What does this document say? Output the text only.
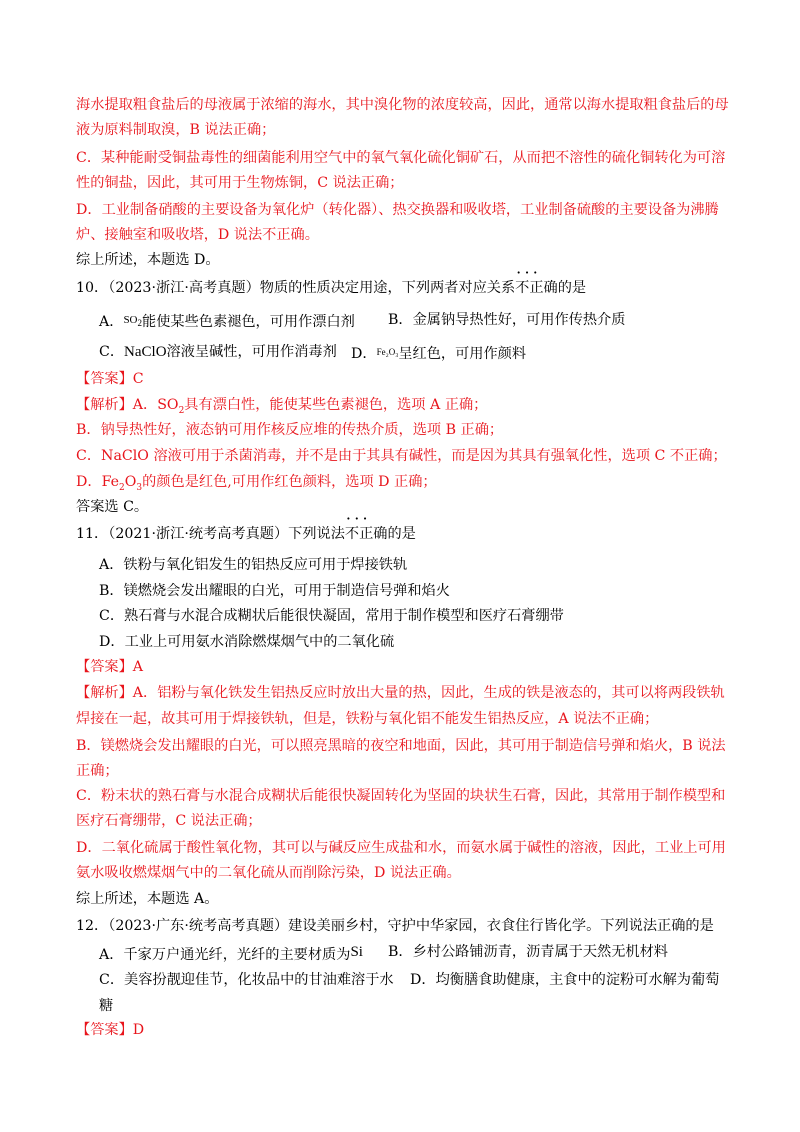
海水提取粗食盐后的母液属于浓缩的海水，其中溴化物的浓度较高，因此，通常以海水提取粗食盐后的母
液为原料制取溴，B 说法正确；
C．某种能耐受铜盐毒性的细菌能利用空气中的氧气氧化硫化铜矿石，从而把不溶性的硫化铜转化为可溶
性的铜盐，因此，其可用于生物炼铜，C 说法正确；
D．工业制备硝酸的主要设备为氧化炉（转化器）、热交换器和吸收塔，工业制备硫酸的主要设备为沸腾
炉、接触室和吸收塔，D 说法不正确。
综上所述，本题选 D。
10．（2023·浙江·高考真题）物质的性质决定用途，下列两者对应关系· · · 不正确的是
A．$^{SO_2}$能使某些色素褪色，可用作漂白剂 B．金属钠导热性好，可用作传热介质
C．NaClO溶液呈碱性，可用作消毒剂 D．$^{Fe_2O_3}$呈红色，可用作颜料
【答案】C
【解析】A．$SO_2$具有漂白性，能使某些色素褪色，选项 A 正确；
B．钠导热性好，液态钠可用作核反应堆的传热介质，选项 B 正确；
C．NaClO 溶液可用于杀菌消毒，并不是由于其具有碱性，而是因为其具有强氧化性，选项 C 不正确；
D．$Fe_2O_3$的颜色是红色,可用作红色颜料，选项 D 正确；
答案选 C。
11．（2021·浙江·统考高考真题）下列说法· · · 不正确的是
A．铁粉与氧化铝发生的铝热反应可用于焊接铁轨
B．镁燃烧会发出耀眼的白光，可用于制造信号弹和焰火
C．熟石膏与水混合成糊状后能很快凝固，常用于制作模型和医疗石膏绷带
D．工业上可用氨水消除燃煤烟气中的二氧化硫
【答案】A
【解析】A．铝粉与氧化铁发生铝热反应时放出大量的热，因此，生成的铁是液态的，其可以将两段铁轨
焊接在一起，故其可用于焊接铁轨，但是，铁粉与氧化铝不能发生铝热反应，A 说法不正确；
B．镁燃烧会发出耀眼的白光，可以照亮黑暗的夜空和地面，因此，其可用于制造信号弹和焰火，B 说法
正确；
C．粉末状的熟石膏与水混合成糊状后能很快凝固转化为坚固的块状生石膏，因此，其常用于制作模型和
医疗石膏绷带，C 说法正确；
D．二氧化硫属于酸性氧化物，其可以与碱反应生成盐和水，而氨水属于碱性的溶液，因此，工业上可用
氨水吸收燃煤烟气中的二氧化硫从而削除污染，D 说法正确。
综上所述，本题选 A。
12．（2023·广东·统考高考真题）建设美丽乡村，守护中华家园，衣食住行皆化学。下列说法正确的是
A．千家万户通光纤，光纤的主要材质为Si B．乡村公路铺沥青，沥青属于天然无机材料
C．美容扮靓迎佳节，化妆品中的甘油难溶于水 D．均衡膳食助健康，主食中的淀粉可水解为葡萄
糖
【答案】D
